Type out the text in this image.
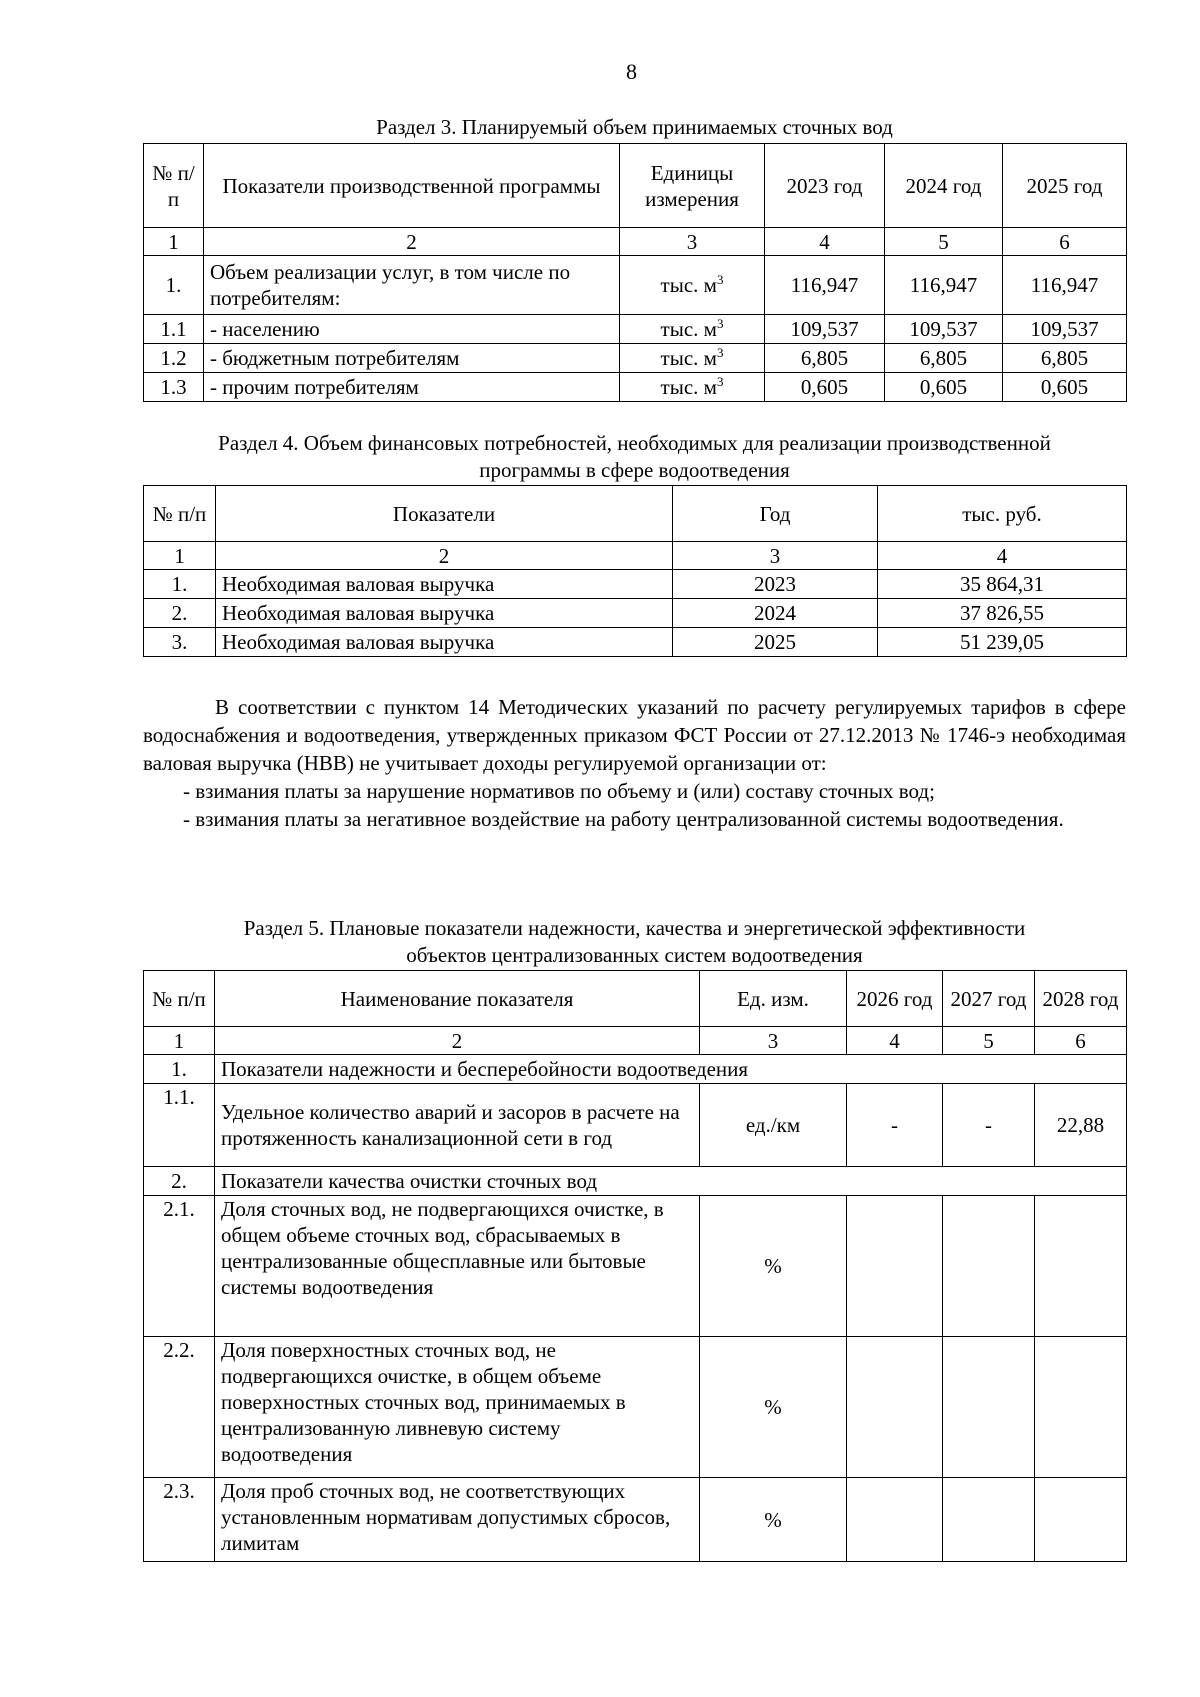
8
Раздел 3. Планируемый объем принимаемых сточных вод
№ п/п	Показатели производственной программы	Единицы измерения	2023 год	2024 год	2025 год
1	2	3	4	5	6
1.	Объем реализации услуг, в том числе по потребителям:	тыс. $м^3$	116,947	116,947	116,947
1.1	- населению	тыс. $м^3$	109,537	109,537	109,537
1.2	- бюджетным потребителям	тыс. $м^3$	6,805	6,805	6,805
1.3	- прочим потребителям	тыс. $м^3$	0,605	0,605	0,605
Раздел 4. Объем финансовых потребностей, необходимых для реализации производственной
программы в сфере водоотведения
№ п/п	Показатели	Год	тыс. руб.
1	2	3	4
1.	Необходимая валовая выручка	2023	35 864,31
2.	Необходимая валовая выручка	2024	37 826,55
3.	Необходимая валовая выручка	2025	51 239,05
В соответствии с пунктом 14 Методических указаний по расчету регулируемых тарифов в сфере водоснабжения и водоотведения, утвержденных приказом ФСТ России от 27.12.2013 № 1746-э необходимая валовая выручка (НВВ) не учитывает доходы регулируемой организации от:
- взимания платы за нарушение нормативов по объему и (или) составу сточных вод;
- взимания платы за негативное воздействие на работу централизованной системы водоотведения.
Раздел 5. Плановые показатели надежности, качества и энергетической эффективности
объектов централизованных систем водоотведения
№ п/п	Наименование показателя	Ед. изм.	2026 год	2027 год	2028 год
1	2	3	4	5	6
1.	Показатели надежности и бесперебойности водоотведения				
1.1.	Удельное количество аварий и засоров в расчете на протяженность канализационной сети в год	ед./км	-	-	22,88
2.	Показатели качества очистки сточных вод				
2.1.	Доля сточных вод, не подвергающихся очистке, в общем объеме сточных вод, сбрасываемых в централизованные общесплавные или бытовые системы водоотведения	%			
2.2.	Доля поверхностных сточных вод, не подвергающихся очистке, в общем объеме поверхностных сточных вод, принимаемых в централизованную ливневую систему водоотведения	%			
2.3.	Доля проб сточных вод, не соответствующих установленным нормативам допустимых сбросов, лимитам	%			
